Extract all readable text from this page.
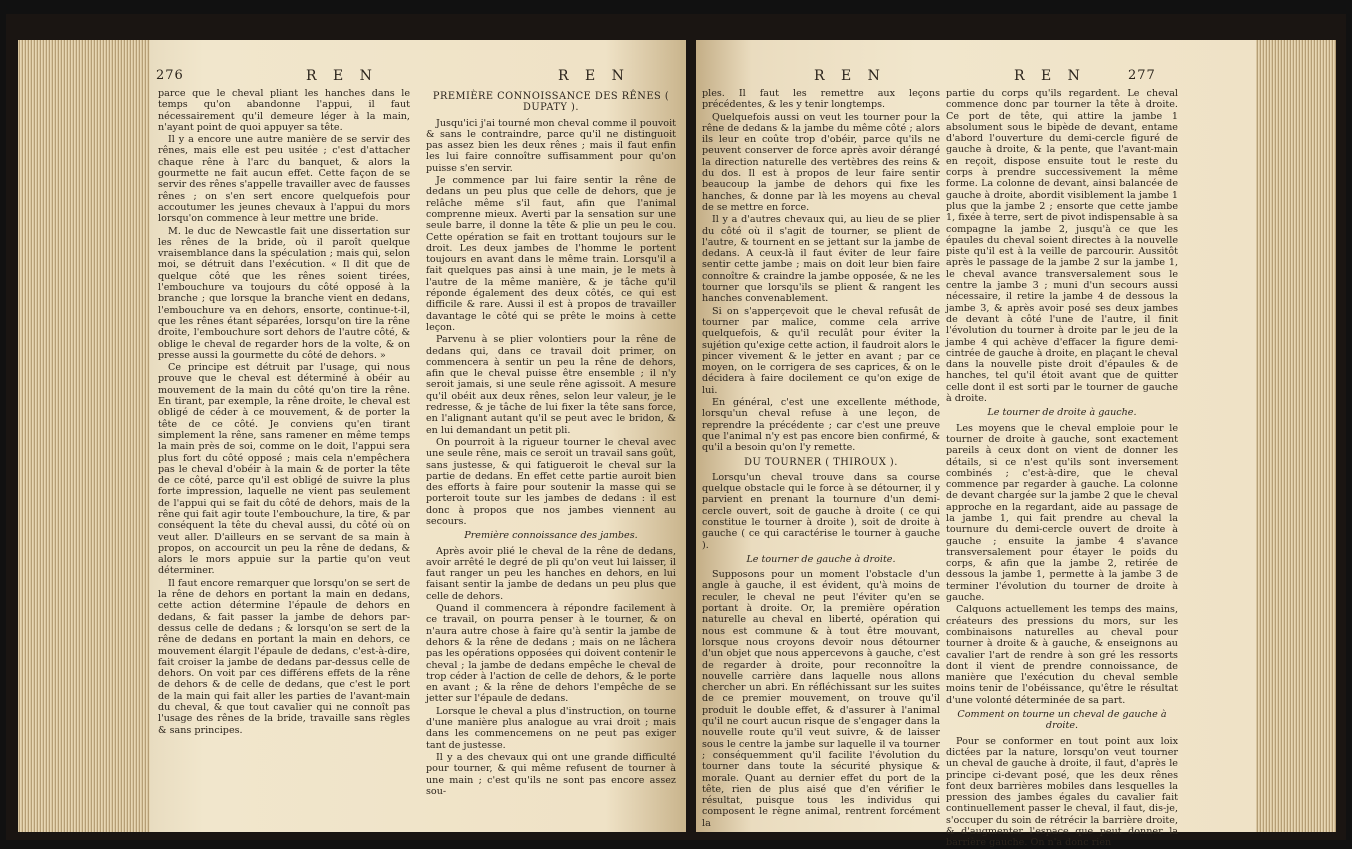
276	R E N	R E N

parce que le cheval pliant les hanches dans le temps qu'on abandonne l'appui, il faut nécessairement qu'il demeure léger à la main, n'ayant point de quoi appuyer sa tête.

Il y a encore une autre manière de se servir des rênes, mais elle est peu usitée ; c'est d'attacher chaque rêne à l'arc du banquet, & alors la gourmette ne fait aucun effet. Cette façon de se servir des rênes s'appelle travailler avec de fausses rênes ; on s'en sert encore quelquefois pour accoutumer les jeunes chevaux à l'appui du mors lorsqu'on commence à leur mettre une bride.

M. le duc de Newcastle fait une dissertation sur les rênes de la bride, où il paroît quelque vraisemblance dans la spéculation ; mais qui, selon moi, se détruit dans l'exécution. « Il dit que de quelque côté que les rênes soient tirées, l'embouchure va toujours du côté opposé à la branche ; que lorsque la branche vient en dedans, l'embouchure va en dehors, ensorte, continue-t-il, que les rênes étant séparées, lorsqu'on tire la rêne droite, l'embouchure sort dehors de l'autre côté, & oblige le cheval de regarder hors de la volte, & on presse aussi la gourmette du côté de dehors. »

Ce principe est détruit par l'usage, qui nous prouve que le cheval est déterminé à obéir au mouvement de la main du côté qu'on tire la rêne. En tirant, par exemple, la rêne droite, le cheval est obligé de céder à ce mouvement, & de porter la tête de ce côté. Je conviens qu'en tirant simplement la rêne, sans ramener en même temps la main près de soi, comme on le doit, l'appui sera plus fort du côté opposé ; mais cela n'empêchera pas le cheval d'obéir à la main & de porter la tête de ce côté, parce qu'il est obligé de suivre la plus forte impression, laquelle ne vient pas seulement de l'appui qui se fait du côté de dehors, mais de la rêne qui fait agir toute l'embouchure, la tire, & par conséquent la tête du cheval aussi, du côté où on veut aller. D'ailleurs en se servant de sa main à propos, on accourcit un peu la rêne de dedans, & alors le mors appuie sur la partie qu'on veut déterminer.

Il faut encore remarquer que lorsqu'on se sert de la rêne de dehors en portant la main en dedans, cette action détermine l'épaule de dehors en dedans, & fait passer la jambe de dehors par-dessus celle de dedans ; & lorsqu'on se sert de la rêne de dedans en portant la main en dehors, ce mouvement élargit l'épaule de dedans, c'est-à-dire, fait croiser la jambe de dedans par-dessus celle de dehors. On voit par ces différens effets de la rêne de dehors & de celle de dedans, que c'est le port de la main qui fait aller les parties de l'avant-main du cheval, & que tout cavalier qui ne connoît pas l'usage des rênes de la bride, travaille sans règles & sans principes.

PREMIÈRE CONNOISSANCE DES RÊNES ( DUPATY ).

Jusqu'ici j'ai tourné mon cheval comme il pouvoit & sans le contraindre, parce qu'il ne distinguoit pas assez bien les deux rênes ; mais il faut enfin les lui faire connoître suffisamment pour qu'on puisse s'en servir.

Je commence par lui faire sentir la rêne de dedans un peu plus que celle de dehors, que je relâche même s'il faut, afin que l'animal comprenne mieux. Averti par la sensation sur une seule barre, il donne la tête & plie un peu le cou. Cette opération se fait en trottant toujours sur le droit. Les deux jambes de l'homme le portent toujours en avant dans le même train. Lorsqu'il a fait quelques pas ainsi à une main, je le mets à l'autre de la même manière, & je tâche qu'il réponde également des deux côtés, ce qui est difficile & rare. Aussi il est à propos de travailler davantage le côté qui se prête le moins à cette leçon.

Parvenu à se plier volontiers pour la rêne de dedans qui, dans ce travail doit primer, on commencera à sentir un peu la rêne de dehors, afin que le cheval puisse être ensemble ; il n'y seroit jamais, si une seule rêne agissoit. A mesure qu'il obéit aux deux rênes, selon leur valeur, je le redresse, & je tâche de lui fixer la tête sans force, en l'alignant autant qu'il se peut avec le bridon, & en lui demandant un petit pli.

On pourroit à la rigueur tourner le cheval avec une seule rêne, mais ce seroit un travail sans goût, sans justesse, & qui fatigueroit le cheval sur la partie de dedans. En effet cette partie auroit bien des efforts à faire pour soutenir la masse qui se porteroit toute sur les jambes de dedans : il est donc à propos que nos jambes viennent au secours.

Première connoissance des jambes.

Après avoir plié le cheval de la rêne de dedans, avoir arrêté le degré de pli qu'on veut lui laisser, il faut ranger un peu les hanches en dehors, en lui faisant sentir la jambe de dedans un peu plus que celle de dehors.

Quand il commencera à répondre facilement à ce travail, on pourra penser à le tourner, & on n'aura autre chose à faire qu'à sentir la jambe de dehors & la rêne de dedans ; mais on ne lâchera pas les opérations opposées qui doivent contenir le cheval ; la jambe de dedans empêche le cheval de trop céder à l'action de celle de dehors, & le porte en avant ; & la rêne de dehors l'empêche de se jetter sur l'épaule de dedans.

Lorsque le cheval a plus d'instruction, on tourne d'une manière plus analogue au vrai droit ; mais dans les commencemens on ne peut pas exiger tant de justesse.

Il y a des chevaux qui ont une grande difficulté pour tourner, & qui même refusent de tourner à une main ; c'est qu'ils ne sont pas encore assez sou-

R E N	R E N	277

ples. Il faut les remettre aux leçons précédentes, & les y tenir longtemps.

Quelquefois aussi on veut les tourner pour la rêne de dedans & la jambe du même côté ; alors ils leur en coûte trop d'obéir, parce qu'ils ne peuvent conserver de force après avoir dérangé la direction naturelle des vertèbres des reins & du dos. Il est à propos de leur faire sentir beaucoup la jambe de dehors qui fixe les hanches, & donne par là les moyens au cheval de se mettre en force.

Il y a d'autres chevaux qui, au lieu de se plier du côté où il s'agit de tourner, se plient de l'autre, & tournent en se jettant sur la jambe de dedans. A ceux-là il faut éviter de leur faire sentir cette jambe ; mais on doit leur bien faire connoître & craindre la jambe opposée, & ne les tourner que lorsqu'ils se plient & rangent les hanches convenablement.

Si on s'apperçevoit que le cheval refusât de tourner par malice, comme cela arrive quelquefois, & qu'il reculât pour éviter la sujétion qu'exige cette action, il faudroit alors le pincer vivement & le jetter en avant ; par ce moyen, on le corrigera de ses caprices, & on le décidera à faire docilement ce qu'on exige de lui.

En général, c'est une excellente méthode, lorsqu'un cheval refuse à une leçon, de reprendre la précédente ; car c'est une preuve que l'animal n'y est pas encore bien confirmé, & qu'il a besoin qu'on l'y remette.

DU TOURNER ( THIROUX ).

Lorsqu'un cheval trouve dans sa course quelque obstacle qui le force à se détourner, il y parvient en prenant la tournure d'un demi-cercle ouvert, soit de gauche à droite ( ce qui constitue le tourner à droite ), soit de droite à gauche ( ce qui caractérise le tourner à gauche ).

Le tourner de gauche à droite.

Supposons pour un moment l'obstacle d'un angle à gauche, il est évident, qu'à moins de reculer, le cheval ne peut l'éviter qu'en se portant à droite. Or, la première opération naturelle au cheval en liberté, opération qui nous est commune & à tout être mouvant, lorsque nous croyons devoir nous détourner d'un objet que nous appercevons à gauche, c'est de regarder à droite, pour reconnoître la nouvelle carrière dans laquelle nous allons chercher un abri. En réfléchissant sur les suites de ce premier mouvement, on trouve qu'il produit le double effet, & d'assurer à l'animal qu'il ne court aucun risque de s'engager dans la nouvelle route qu'il veut suivre, & de laisser sous le centre la jambe sur laquelle il va tourner ; conséquemment qu'il facilite l'évolution du tourner dans toute la sécurité physique & morale. Quant au dernier effet du port de la tête, rien de plus aisé que d'en vérifier le résultat, puisque tous les individus qui composent le règne animal, rentrent forcément la

partie du corps qu'ils regardent. Le cheval commence donc par tourner la tête à droite. Ce port de tête, qui attire la jambe 1 absolument sous le bipède de devant, entame d'abord l'ouverture du demi-cercle figuré de gauche à droite, & la pente, que l'avant-main en reçoit, dispose ensuite tout le reste du corps à prendre successivement la même forme. La colonne de devant, ainsi balancée de gauche à droite, abordit visiblement la jambe 1 plus que la jambe 2 ; ensorte que cette jambe 1, fixée à terre, sert de pivot indispensable à sa compagne la jambe 2, jusqu'à ce que les épaules du cheval soient directes à la nouvelle piste qu'il est à la veille de parcourir. Aussitôt après le passage de la jambe 2 sur la jambe 1, le cheval avance transversalement sous le centre la jambe 3 ; muni d'un secours aussi nécessaire, il retire la jambe 4 de dessous la jambe 3, & après avoir posé ses deux jambes de devant à côté l'une de l'autre, il finit l'évolution du tourner à droite par le jeu de la jambe 4 qui achève d'effacer la figure demi-cintrée de gauche à droite, en plaçant le cheval dans la nouvelle piste droit d'épaules & de hanches, tel qu'il étoit avant que de quitter celle dont il est sorti par le tourner de gauche à droite.

Le tourner de droite à gauche.

Les moyens que le cheval emploie pour le tourner de droite à gauche, sont exactement pareils à ceux dont on vient de donner les détails, si ce n'est qu'ils sont inversement combinés ; c'est-à-dire, que le cheval commence par regarder à gauche. La colonne de devant chargée sur la jambe 2 que le cheval approche en la regardant, aide au passage de la jambe 1, qui fait prendre au cheval la tournure du demi-cercle ouvert de droite à gauche ; ensuite la jambe 4 s'avance transversalement pour étayer le poids du corps, & afin que la jambe 2, retirée de dessous la jambe 1, permette à la jambe 3 de terminer l'évolution du tourner de droite à gauche.

Calquons actuellement les temps des mains, créateurs des pressions du mors, sur les combinaisons naturelles au cheval pour tourner à droite & à gauche, & enseignons au cavalier l'art de rendre à son gré les ressorts dont il vient de prendre connoissance, de manière que l'exécution du cheval semble moins tenir de l'obéissance, qu'être le résultat d'une volonté déterminée de sa part.

Comment on tourne un cheval de gauche à droite.

Pour se conformer en tout point aux loix dictées par la nature, lorsqu'on veut tourner un cheval de gauche à droite, il faut, d'après le principe ci-devant posé, que les deux rênes font deux barrières mobiles dans lesquelles la pression des jambes égales du cavalier fait continuellement passer le cheval, il faut, dis-je, s'occuper du soin de rétrécir la barrière droite, & d'augmenter l'espace que peut donner la barrière gauche. On n'a donc rien
